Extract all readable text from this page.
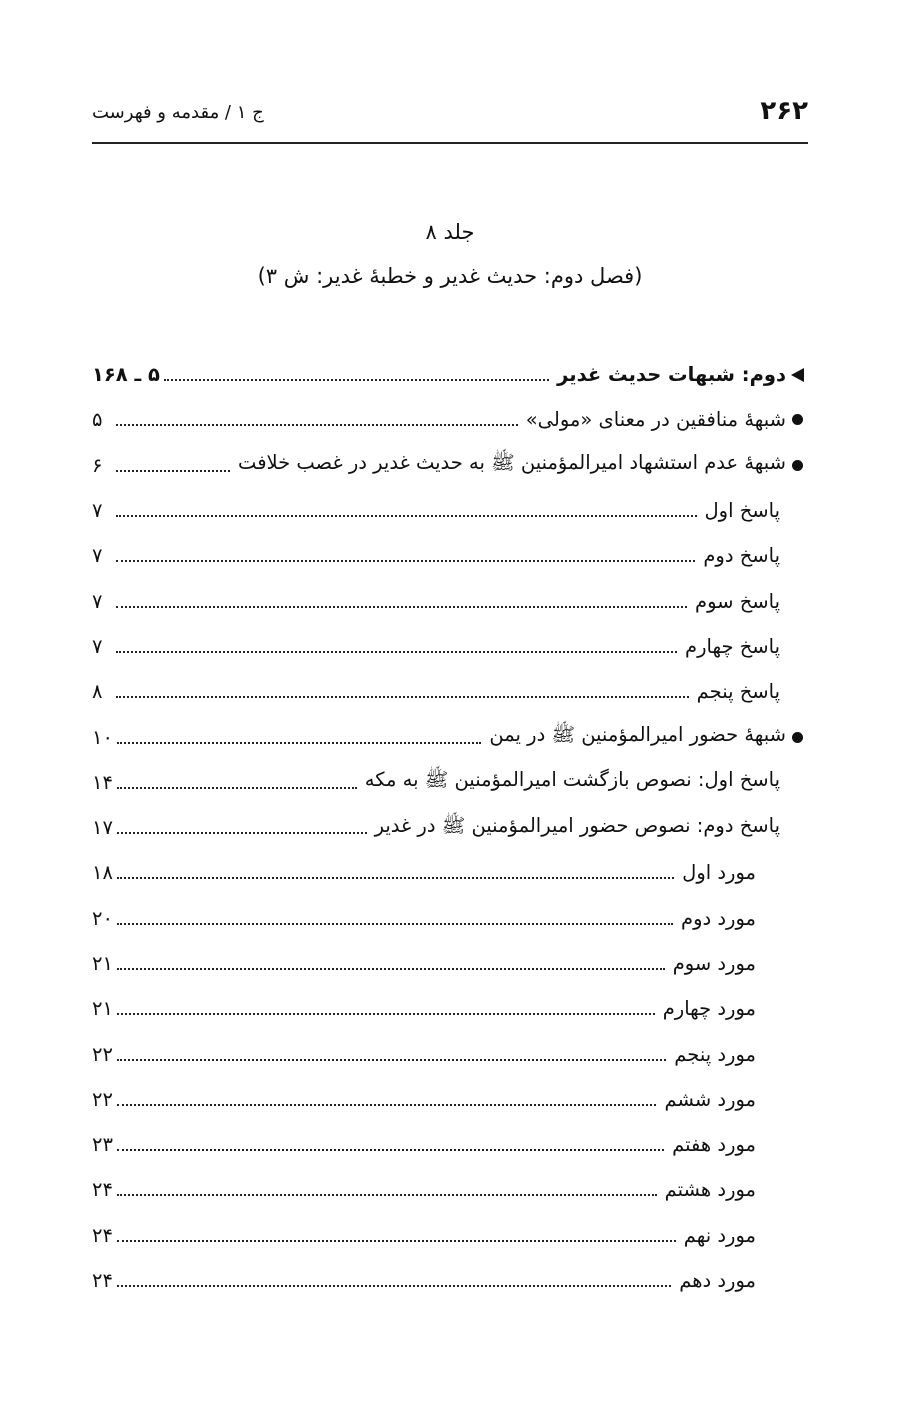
۲۶۲
ج ۱ / مقدمه و فهرست
جلد ۸
(فصل دوم: حدیث غدیر و خطبهٔ غدیر: ش ۳)
دوم: شبهات حدیث غدیر
۵ ـ ۱۶۸
شبههٔ منافقین در معنای «مولی»
۵
شبههٔ عدم استشهاد امیرالمؤمنین ﷺ به حدیث غدیر در غصب خلافت
۶
پاسخ اول
۷
پاسخ دوم
۷
پاسخ سوم
۷
پاسخ چهارم
۷
پاسخ پنجم
۸
شبههٔ حضور امیرالمؤمنین ﷺ در یمن
۱۰
پاسخ اول: نصوص بازگشت امیرالمؤمنین ﷺ به مکه
۱۴
پاسخ دوم: نصوص حضور امیرالمؤمنین ﷺ در غدیر
۱۷
مورد اول
۱۸
مورد دوم
۲۰
مورد سوم
۲۱
مورد چهارم
۲۱
مورد پنجم
۲۲
مورد ششم
۲۲
مورد هفتم
۲۳
مورد هشتم
۲۴
مورد نهم
۲۴
مورد دهم
۲۴
